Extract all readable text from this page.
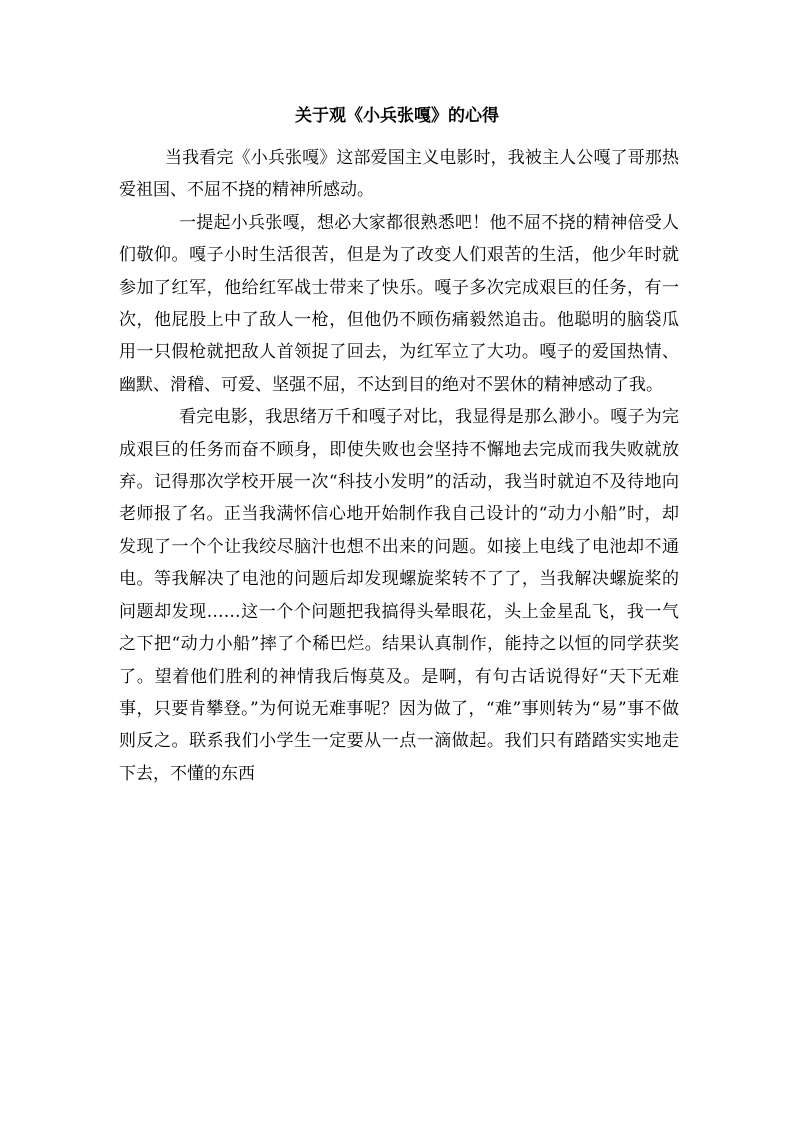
关于观《小兵张嘎》的心得

当我看完《小兵张嘎》这部爱国主义电影时，我被主人公嘎了哥那热爱祖国、不屈不挠的精神所感动。

一提起小兵张嘎，想必大家都很熟悉吧！他不屈不挠的精神倍受人们敬仰。嘎子小时生活很苦，但是为了改变人们艰苦的生活，他少年时就参加了红军，他给红军战士带来了快乐。嘎子多次完成艰巨的任务，有一次，他屁股上中了敌人一枪，但他仍不顾伤痛毅然追击。他聪明的脑袋瓜用一只假枪就把敌人首领捉了回去，为红军立了大功。嘎子的爱国热情、幽默、滑稽、可爱、坚强不屈，不达到目的绝对不罢休的精神感动了我。

看完电影，我思绪万千和嘎子对比，我显得是那么渺小。嘎子为完成艰巨的任务而奋不顾身，即使失败也会坚持不懈地去完成而我失败就放弃。记得那次学校开展一次“科技小发明”的活动，我当时就迫不及待地向老师报了名。正当我满怀信心地开始制作我自己设计的“动力小船”时，却发现了一个个让我绞尽脑汁也想不出来的问题。如接上电线了电池却不通电。等我解决了电池的问题后却发现螺旋桨转不了了，当我解决螺旋桨的问题却发现……这一个个问题把我搞得头晕眼花，头上金星乱飞，我一气之下把“动力小船”摔了个稀巴烂。结果认真制作，能持之以恒的同学获奖了。望着他们胜利的神情我后悔莫及。是啊，有句古话说得好“天下无难事，只要肯攀登。”为何说无难事呢？因为做了，“难”事则转为“易”事不做则反之。联系我们小学生一定要从一点一滴做起。我们只有踏踏实实地走下去，不懂的东西
